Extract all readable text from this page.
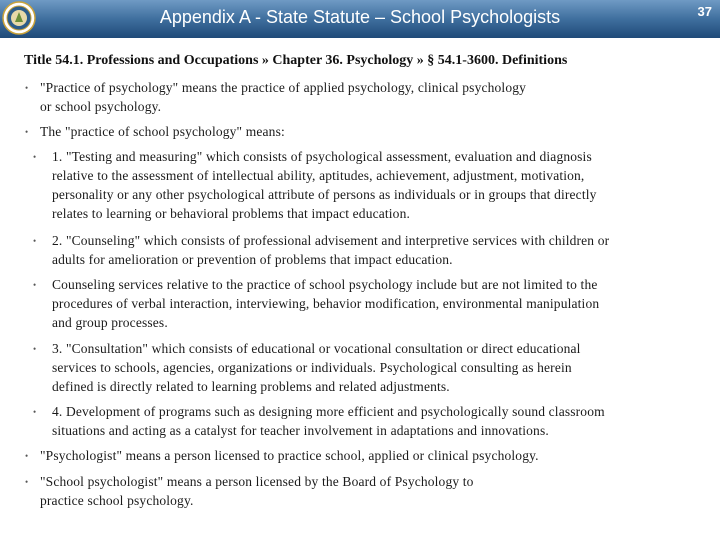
Appendix A - State Statute – School Psychologists	37
Title 54.1. Professions and Occupations » Chapter 36. Psychology » § 54.1-3600. Definitions
• "Practice of psychology" means the practice of applied psychology, clinical psychology
or school psychology.
• The "practice of school psychology" means:
• 1. "Testing and measuring" which consists of psychological assessment, evaluation and diagnosis
relative to the assessment of intellectual ability, aptitudes, achievement, adjustment, motivation,
personality or any other psychological attribute of persons as individuals or in groups that directly
relates to learning or behavioral problems that impact education.
• 2. "Counseling" which consists of professional advisement and interpretive services with children or
adults for amelioration or prevention of problems that impact education.
• Counseling services relative to the practice of school psychology include but are not limited to the
procedures of verbal interaction, interviewing, behavior modification, environmental manipulation
and group processes.
• 3. "Consultation" which consists of educational or vocational consultation or direct educational
services to schools, agencies, organizations or individuals. Psychological consulting as herein
defined is directly related to learning problems and related adjustments.
• 4. Development of programs such as designing more efficient and psychologically sound classroom
situations and acting as a catalyst for teacher involvement in adaptations and innovations.
• "Psychologist" means a person licensed to practice school, applied or clinical psychology.
• "School psychologist" means a person licensed by the Board of Psychology to
practice school psychology.
